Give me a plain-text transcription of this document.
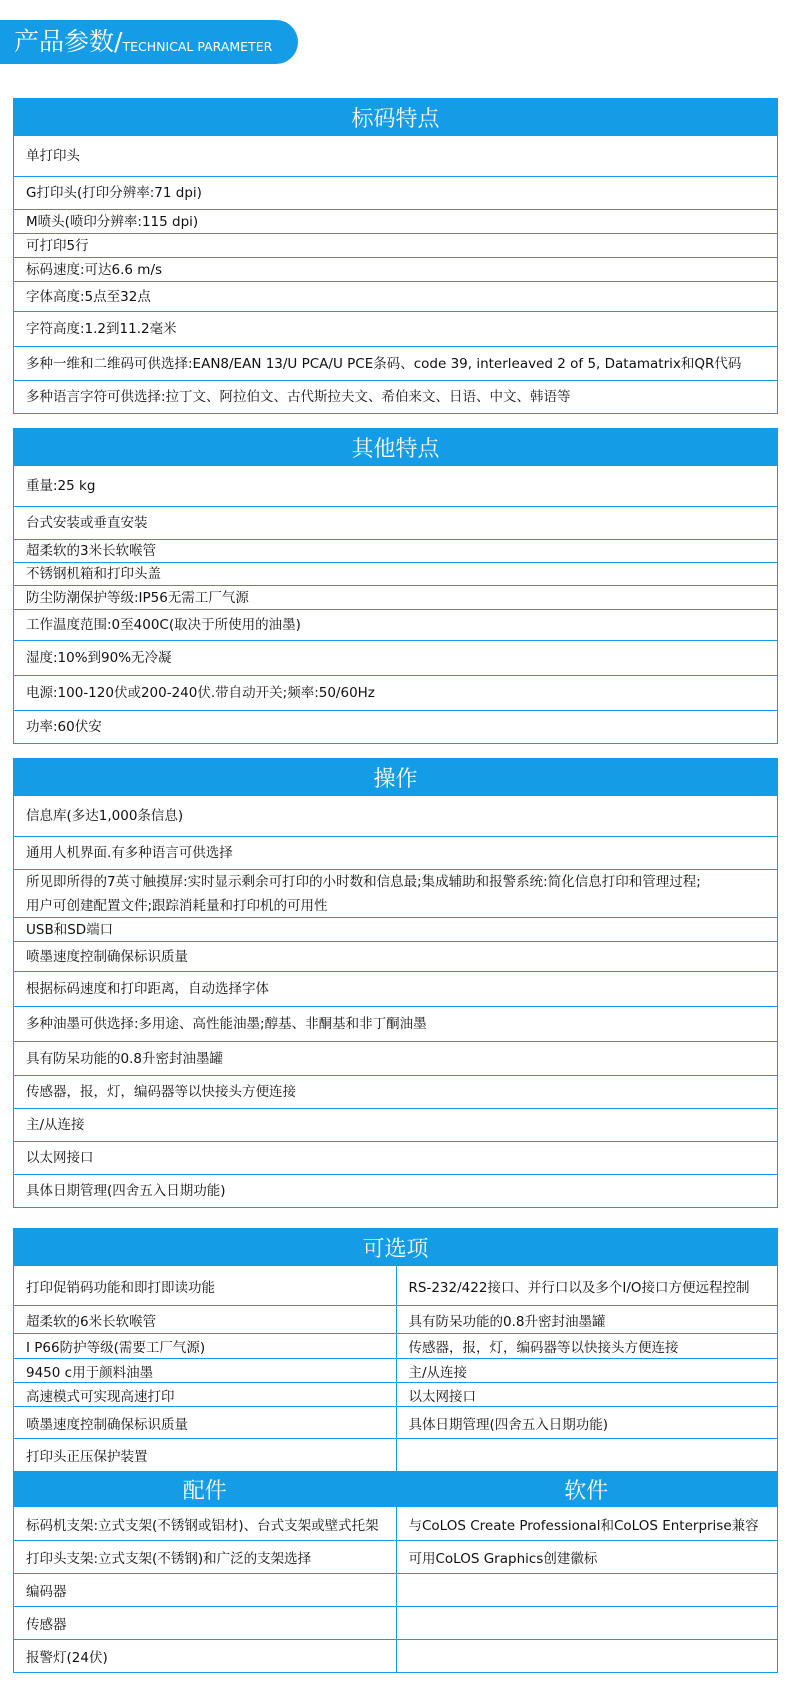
产品参数/ TECHNICAL PARAMETER
标码特点
单打印头
G打印头(打印分辨率:71 dpi)
M喷头(喷印分辨率:115 dpi)
可打印5行
标码速度:可达6.6 m/s
字体高度:5点至32点
字符高度:1.2到11.2毫米
多种一维和二维码可供选择:EAN8/EAN 13/U PCA/U PCE条码、code 39, interleaved 2 of 5, Datamatrix和QR代码
多种语言字符可供选择:拉丁文、阿拉伯文、古代斯拉夫文、希伯来文、日语、中文、韩语等
其他特点
重量:25 kg
台式安装或垂直安装
超柔软的3米长软喉管
不锈钢机箱和打印头盖
防尘防潮保护等级:IP56无需工厂气源
工作温度范围:0至400C(取决于所使用的油墨)
湿度:10%到90%无冷凝
电源:100-120伏或200-240伏.带自动开关;频率:50/60Hz
功率:60伏安
操作
信息库(多达1,000条信息)
通用人机界面.有多种语言可供选择
所见即所得的7英寸触摸屏:实时显示剩余可打印的小时数和信息最;集成辅助和报警系统:简化信息打印和管理过程;
用户可创建配置文件;跟踪消耗量和打印机的可用性
USB和SD端口
喷墨速度控制确保标识质量
根据标码速度和打印距离，自动选择字体
多种油墨可供选择:多用途、高性能油墨;醇基、非酮基和非丁酮油墨
具有防呆功能的0.8升密封油墨罐
传感器，报，灯，编码器等以快接头方便连接
主/从连接
以太网接口
具体日期管理(四舍五入日期功能)
可选项
打印促销码功能和即打即读功能	RS-232/422接口、并行口以及多个I/O接口方便远程控制
超柔软的6米长软喉管	具有防呆功能的0.8升密封油墨罐
I P66防护等级(需要工厂气源)	传感器，报，灯，编码器等以快接头方便连接
9450 c用于颜料油墨	主/从连接
高速模式可实现高速打印	以太网接口
喷墨速度控制确保标识质量	具体日期管理(四舍五入日期功能)
打印头正压保护装置
配件	软件
标码机支架:立式支架(不锈钢或铝材)、台式支架或壁式托架	与CoLOS Create Professional和CoLOS Enterprise兼容
打印头支架:立式支架(不锈钢)和广泛的支架选择	可用CoLOS Graphics创建徽标
编码器
传感器
报警灯(24伏)
